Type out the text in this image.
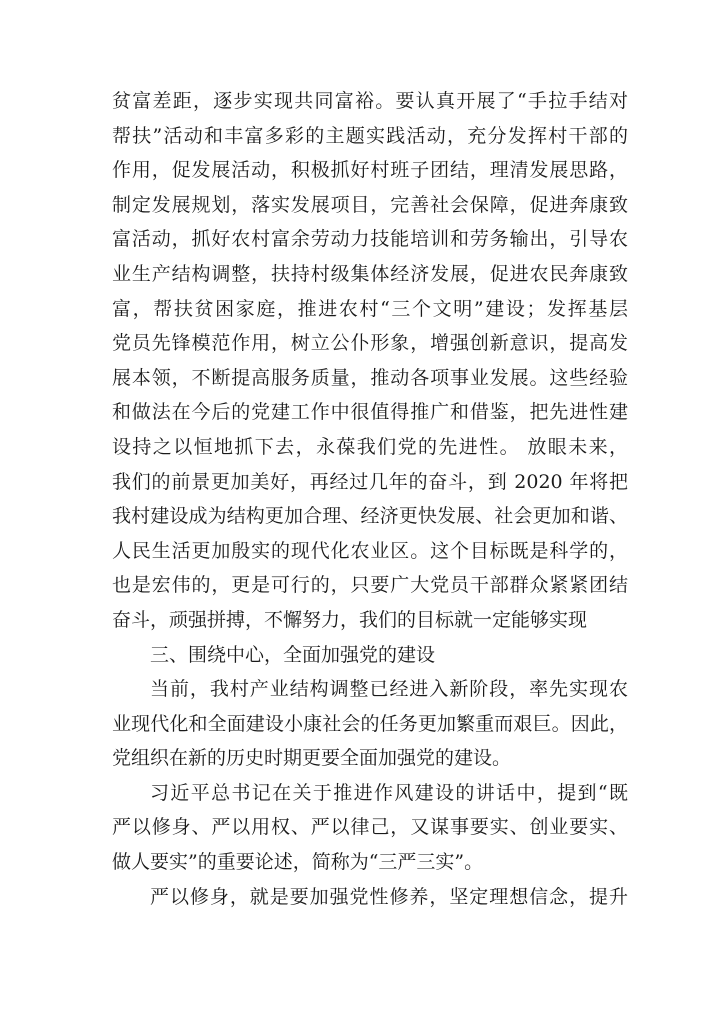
贫富差距，逐步实现共同富裕。要认真开展了“手拉手结对
帮扶”活动和丰富多彩的主题实践活动，充分发挥村干部的
作用，促发展活动，积极抓好村班子团结，理清发展思路，
制定发展规划，落实发展项目，完善社会保障，促进奔康致
富活动，抓好农村富余劳动力技能培训和劳务输出，引导农
业生产结构调整，扶持村级集体经济发展，促进农民奔康致
富，帮扶贫困家庭，推进农村“三个文明”建设；发挥基层
党员先锋模范作用，树立公仆形象，增强创新意识，提高发
展本领，不断提高服务质量，推动各项事业发展。这些经验
和做法在今后的党建工作中很值得推广和借鉴，把先进性建
设持之以恒地抓下去，永葆我们党的先进性。 放眼未来，
我们的前景更加美好，再经过几年的奋斗，到 2020 年将把
我村建设成为结构更加合理、经济更快发展、社会更加和谐、
人民生活更加殷实的现代化农业区。这个目标既是科学的，
也是宏伟的，更是可行的，只要广大党员干部群众紧紧团结
奋斗，顽强拼搏，不懈努力，我们的目标就一定能够实现
三、围绕中心，全面加强党的建设
当前，我村产业结构调整已经进入新阶段，率先实现农
业现代化和全面建设小康社会的任务更加繁重而艰巨。因此，
党组织在新的历史时期更要全面加强党的建设。
习近平总书记在关于推进作风建设的讲话中，提到“既
严以修身、严以用权、严以律己，又谋事要实、创业要实、
做人要实”的重要论述，简称为“三严三实”。
严以修身，就是要加强党性修养，坚定理想信念，提升
